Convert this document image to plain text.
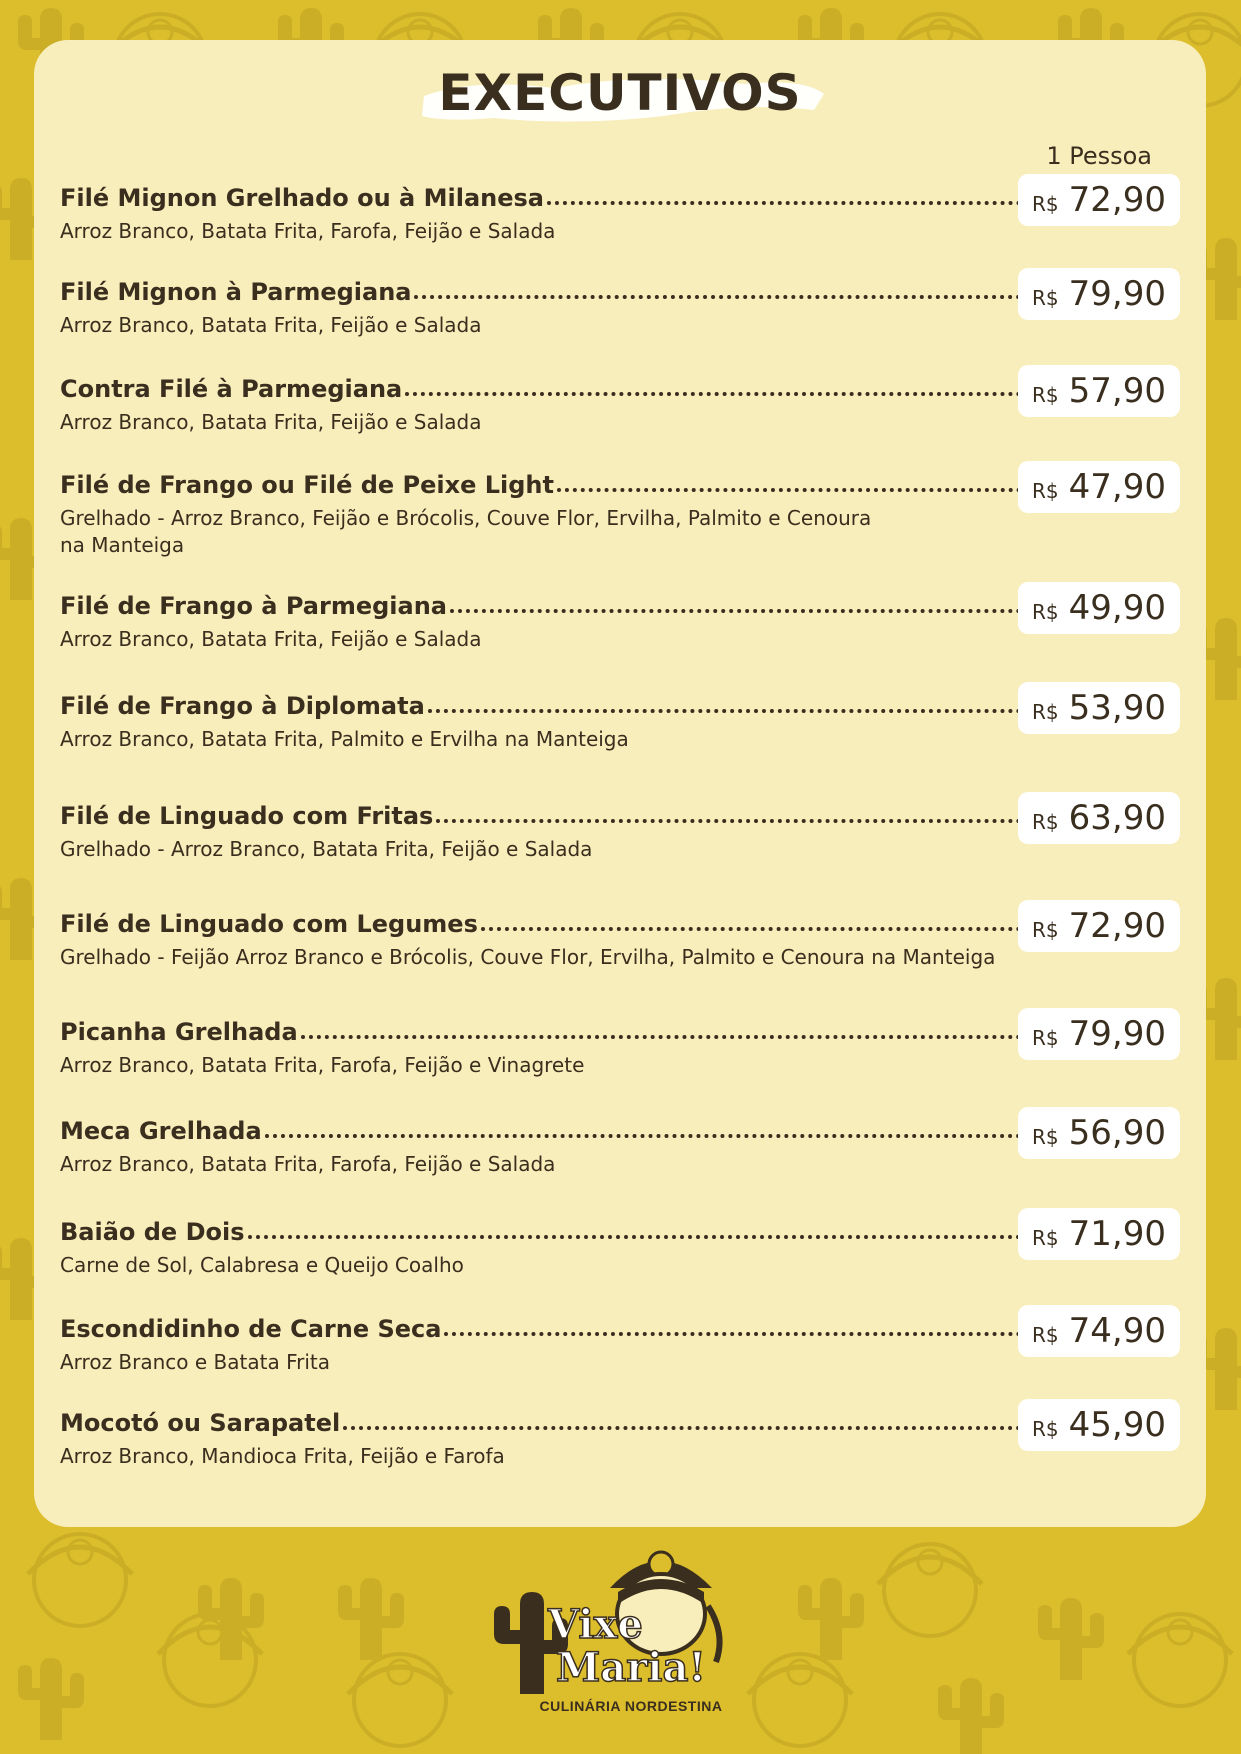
EXECUTIVOS
1 Pessoa
Filé Mignon Grelhado ou à Milanesa
Arroz Branco, Batata Frita, Farofa, Feijão e Salada
R$ 72,90
Filé Mignon à Parmegiana
Arroz Branco, Batata Frita, Feijão e Salada
R$ 79,90
Contra Filé à Parmegiana
Arroz Branco, Batata Frita, Feijão e Salada
R$ 57,90
Filé de Frango ou Filé de Peixe Light
Grelhado - Arroz Branco, Feijão e Brócolis, Couve Flor, Ervilha, Palmito e Cenoura
na Manteiga
R$ 47,90
Filé de Frango à Parmegiana
Arroz Branco, Batata Frita, Feijão e Salada
R$ 49,90
Filé de Frango à Diplomata
Arroz Branco, Batata Frita, Palmito e Ervilha na Manteiga
R$ 53,90
Filé de Linguado com Fritas
Grelhado - Arroz Branco, Batata Frita, Feijão e Salada
R$ 63,90
Filé de Linguado com Legumes
Grelhado - Feijão Arroz Branco e Brócolis, Couve Flor, Ervilha, Palmito e Cenoura na Manteiga
R$ 72,90
Picanha Grelhada
Arroz Branco, Batata Frita, Farofa, Feijão e Vinagrete
R$ 79,90
Meca Grelhada
Arroz Branco, Batata Frita, Farofa, Feijão e Salada
R$ 56,90
Baião de Dois
Carne de Sol, Calabresa e Queijo Coalho
R$ 71,90
Escondidinho de Carne Seca
Arroz Branco e Batata Frita
R$ 74,90
Mocotó ou Sarapatel
Arroz Branco, Mandioca Frita, Feijão e Farofa
R$ 45,90
Vixe
Maria!
CULINÁRIA NORDESTINA
